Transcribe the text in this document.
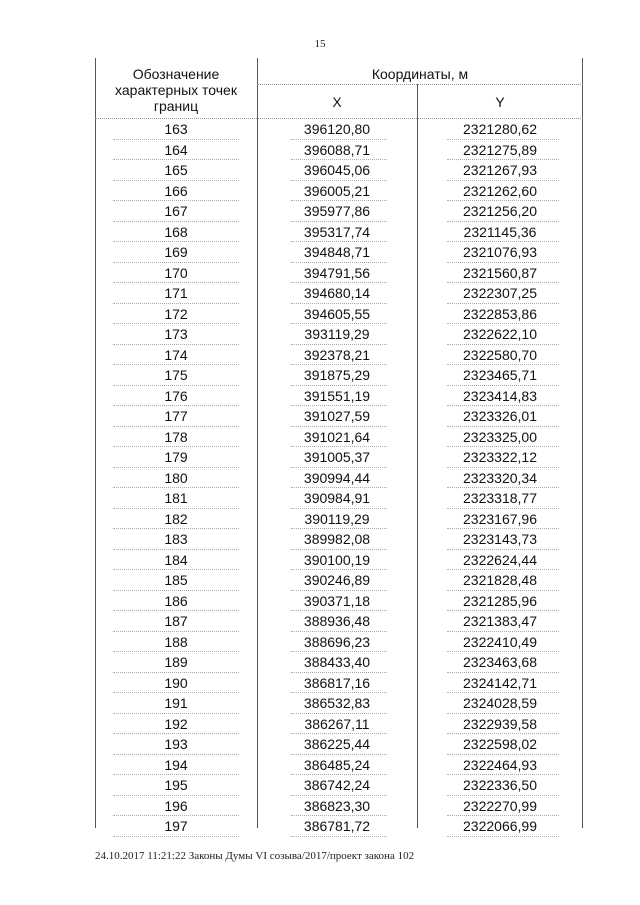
15
Обозначение характерных точек границ
Координаты, м
X	Y
163	396120,80	2321280,62
164	396088,71	2321275,89
165	396045,06	2321267,93
166	396005,21	2321262,60
167	395977,86	2321256,20
168	395317,74	2321145,36
169	394848,71	2321076,93
170	394791,56	2321560,87
171	394680,14	2322307,25
172	394605,55	2322853,86
173	393119,29	2322622,10
174	392378,21	2322580,70
175	391875,29	2323465,71
176	391551,19	2323414,83
177	391027,59	2323326,01
178	391021,64	2323325,00
179	391005,37	2323322,12
180	390994,44	2323320,34
181	390984,91	2323318,77
182	390119,29	2323167,96
183	389982,08	2323143,73
184	390100,19	2322624,44
185	390246,89	2321828,48
186	390371,18	2321285,96
187	388936,48	2321383,47
188	388696,23	2322410,49
189	388433,40	2323463,68
190	386817,16	2324142,71
191	386532,83	2324028,59
192	386267,11	2322939,58
193	386225,44	2322598,02
194	386485,24	2322464,93
195	386742,24	2322336,50
196	386823,30	2322270,99
197	386781,72	2322066,99
24.10.2017 11:21:22 Законы Думы VI созыва/2017/проект закона 102
